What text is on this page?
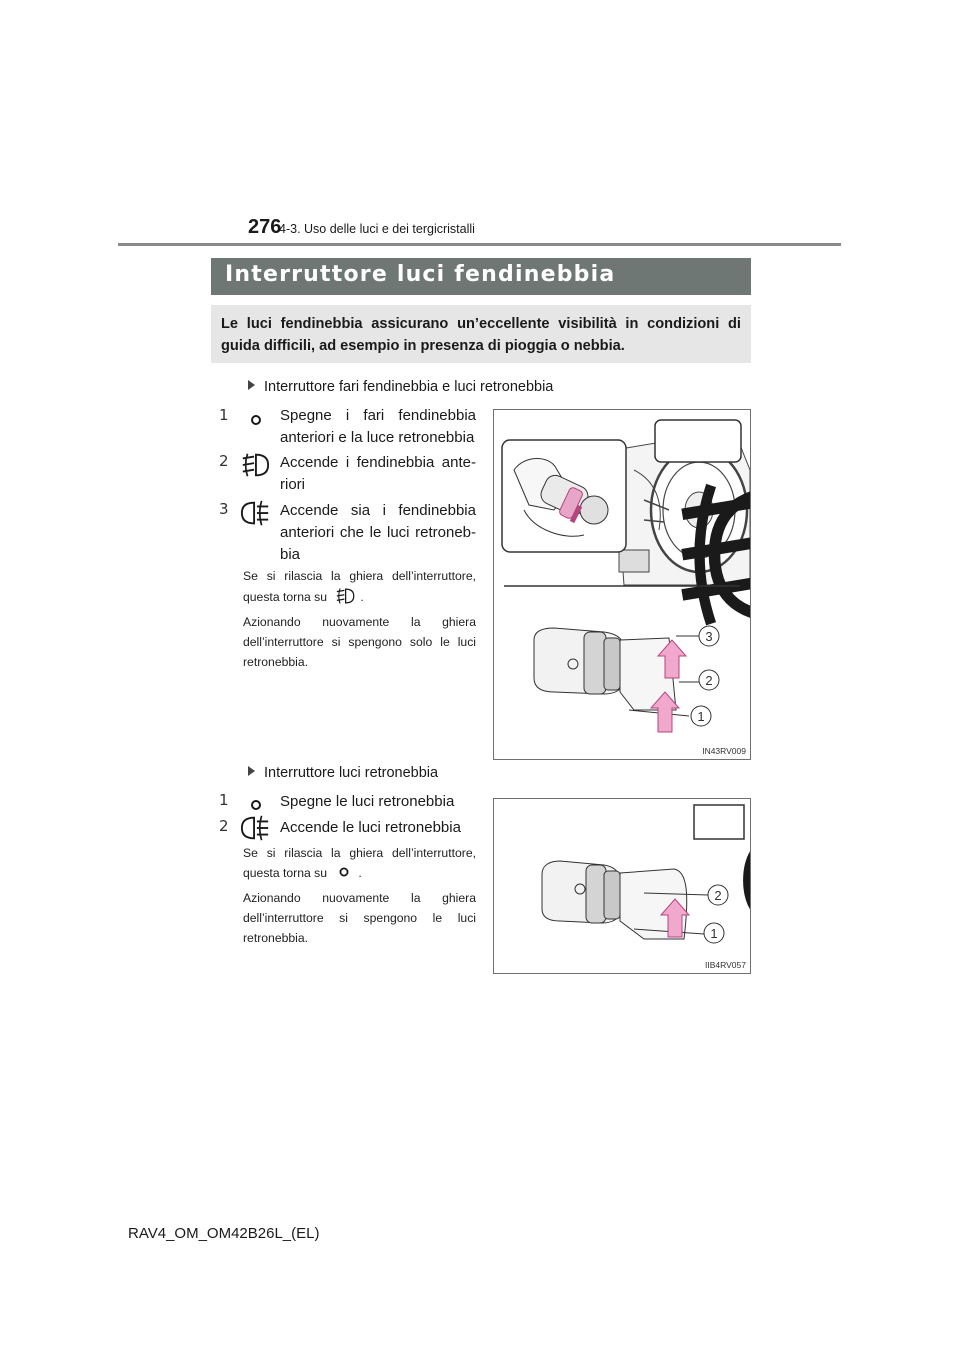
276
4-3. Uso delle luci e dei tergicristalli
Interruttore luci fendinebbia
Le luci fendinebbia assicurano un’eccellente visibilità in condizioni di guida difficili, ad esempio in presenza di pioggia o nebbia.
Interruttore fari fendinebbia e luci retronebbia
1	Spegne i fari fendinebbia
anteriori e la luce retronebbia
2	Accende i fendinebbia ante-
riori
3	Accende sia i fendinebbia
anteriori che le luci retroneb-
bia
Se si rilascia la ghiera dell’interruttore,
questa torna su	.
Azionando nuovamente la ghiera dell’interruttore si spengono solo le luci retronebbia.
3
2
1
IN43RV009
Interruttore luci retronebbia
1	Spegne le luci retronebbia
2	Accende le luci retronebbia
Se si rilascia la ghiera dell’interruttore,
questa torna su	.
Azionando nuovamente la ghiera dell’interruttore si spengono le luci retronebbia.
2
1
IIB4RV057
RAV4_OM_OM42B26L_(EL)
